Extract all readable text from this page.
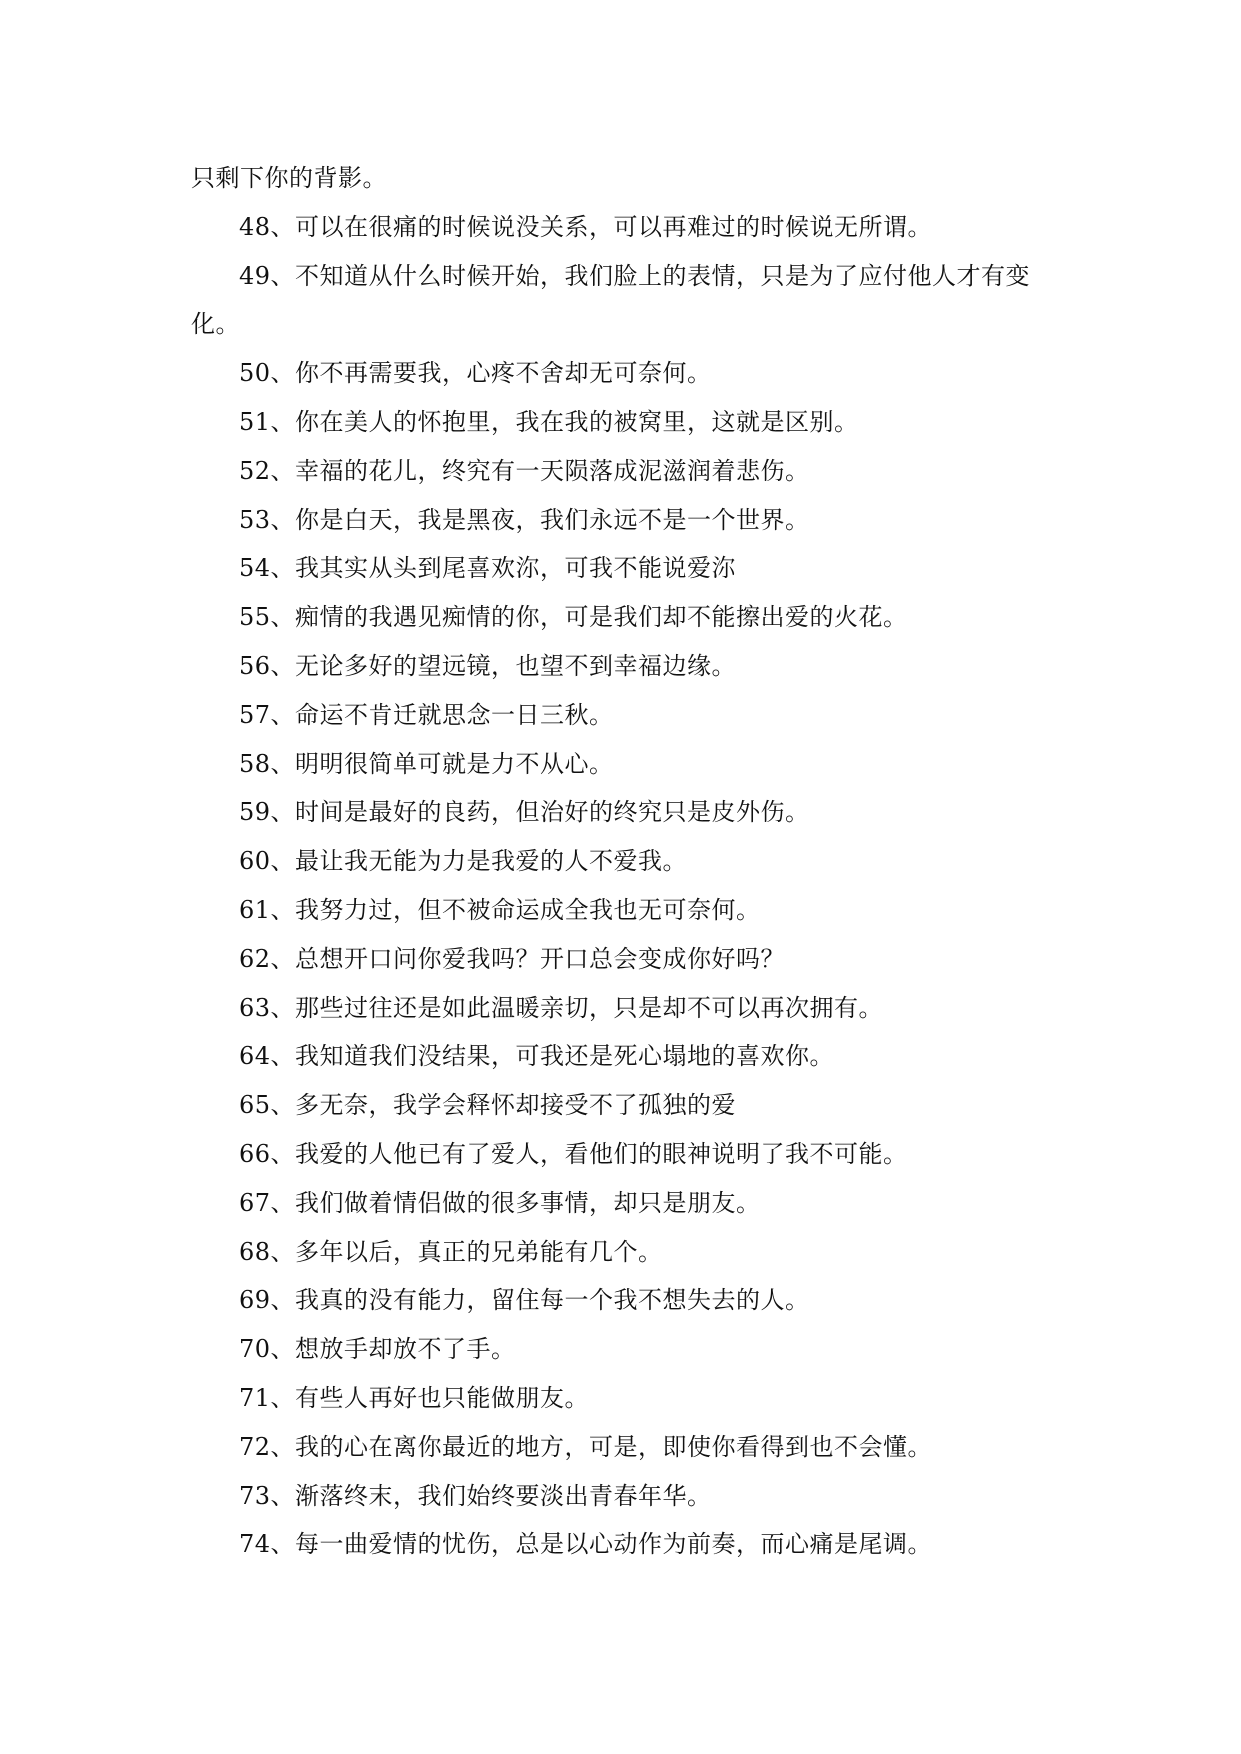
只剩下你的背影。
48、可以在很痛的时候说没关系，可以再难过的时候说无所谓。
49、不知道从什么时候开始，我们脸上的表情，只是为了应付他人才有变
化。
50、你不再需要我，心疼不舍却无可奈何。
51、你在美人的怀抱里，我在我的被窝里，这就是区别。
52、幸福的花儿，终究有一天陨落成泥滋润着悲伤。
53、你是白天，我是黑夜，我们永远不是一个世界。
54、我其实从头到尾喜欢沵，可我不能说爱沵
55、痴情的我遇见痴情的你，可是我们却不能擦出爱的火花。
56、无论多好的望远镜，也望不到幸福边缘。
57、命运不肯迁就思念一日三秋。
58、明明很简单可就是力不从心。
59、时间是最好的良药，但治好的终究只是皮外伤。
60、最让我无能为力是我爱的人不爱我。
61、我努力过，但不被命运成全我也无可奈何。
62、总想开口问你爱我吗？开口总会变成你好吗？
63、那些过往还是如此温暖亲切，只是却不可以再次拥有。
64、我知道我们没结果，可我还是死心塌地的喜欢你。
65、多无奈，我学会释怀却接受不了孤独的爱
66、我爱的人他已有了爱人，看他们的眼神说明了我不可能。
67、我们做着情侣做的很多事情，却只是朋友。
68、多年以后，真正的兄弟能有几个。
69、我真的没有能力，留住每一个我不想失去的人。
70、想放手却放不了手。
71、有些人再好也只能做朋友。
72、我的心在离你最近的地方，可是，即使你看得到也不会懂。
73、渐落终末，我们始终要淡出青春年华。
74、每一曲爱情的忧伤，总是以心动作为前奏，而心痛是尾调。
